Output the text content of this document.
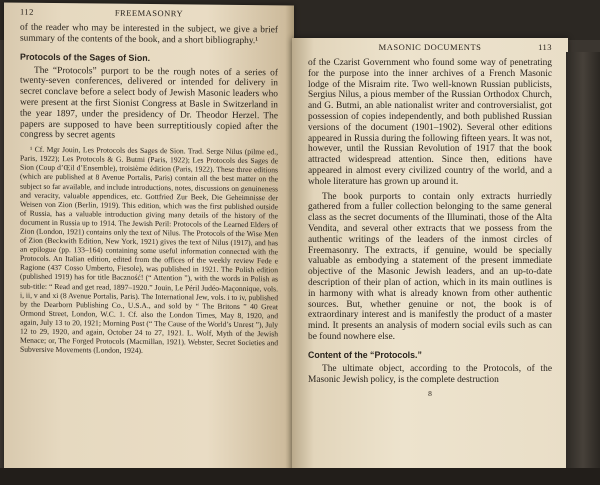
112	FREEMASONRY

of the reader who may be interested in the subject, we give a brief summary of the contents of the book, and a short bibliography.¹

Protocols of the Sages of Sion.

The “Protocols” purport to be the rough notes of a series of twenty-seven conferences, delivered or intended for delivery in secret conclave before a select body of Jewish Masonic leaders who were present at the first Sionist Congress at Basle in Switzerland in the year 1897, under the presidency of Dr. Theodor Herzel. The papers are supposed to have been surreptitiously copied after the congress by secret agents

¹ Cf. Mgr Jouin, Les Protocols des Sages de Sion. Trad. Serge Nilus (pilme ed., Paris, 1922); Les Protocols & G. Butmi (Paris, 1922); Les Protocols des Sages de Sion (Coup d’Œil d’Ensemble), troisième édition (Paris, 1922). These three editions (which are published at 8 Avenue Portalis, Paris) contain all the best matter on the subject so far available, and include introductions, notes, discussions on genuineness and veracity, valuable appendices, etc. Gottfried Zur Beek, Die Geheimnisse der Weisen von Zion (Berlin, 1919). This edition, which was the first published outside of Russia, has a valuable introduction giving many details of the history of the document in Russia up to 1914. The Jewish Peril: Protocols of the Learned Elders of Zion (London, 1921) contains only the text of Nilus. The Protocols of the Wise Men of Zion (Beckwith Edition, New York, 1921) gives the text of Nilus (1917), and has an epilogue (pp. 133–164) containing some useful information connected with the Protocols. An Italian edition, edited from the offices of the weekly review Fede e Ragione (437 Cosso Umberto, Fiesole), was published in 1921. The Polish edition (published 1919) has for title Baczność! (“ Attention ”), with the words in Polish as sub-title: “ Read and get read, 1897–1920.” Jouin, Le Péril Judéo-Maçonnique, vols. i, ii, v and xi (8 Avenue Portalis, Paris). The International Jew, vols. i to iv, published by the Dearborn Publishing Co., U.S.A., and sold by “ The Britons ” 40 Great Ormond Street, London, W.C. 1. Cf. also the London Times, May 8, 1920, and again, July 13 to 20, 1921; Morning Post (“ The Cause of the World’s Unrest ”), July 12 to 29, 1920, and again, October 24 to 27, 1921. L. Wolf, Myth of the Jewish Menace; or, The Forged Protocols (Macmillan, 1921). Webster, Secret Societies and Subversive Movements (London, 1924).

MASONIC DOCUMENTS	113

of the Czarist Government who found some way of penetrating for the purpose into the inner archives of a French Masonic lodge of the Misraim rite. Two well-known Russian publicists, Sergius Nilus, a pious member of the Russian Orthodox Church, and G. Butmi, an able nationalist writer and controversialist, got possession of copies independently, and both published Russian versions of the document (1901–1902). Several other editions appeared in Russia during the following fifteen years. It was not, however, until the Russian Revolution of 1917 that the book attracted widespread attention. Since then, editions have appeared in almost every civilized country of the world, and a whole literature has grown up around it.

The book purports to contain only extracts hurriedly gathered from a fuller collection belonging to the same general class as the secret documents of the Illuminati, those of the Alta Vendita, and several other extracts that we possess from the authentic writings of the leaders of the inmost circles of Freemasonry. The extracts, if genuine, would be specially valuable as embodying a statement of the present immediate objective of the Masonic Jewish leaders, and an up-to-date description of their plan of action, which in its main outlines is in harmony with what is already known from other authentic sources. But, whether genuine or not, the book is of extraordinary interest and is manifestly the product of a master mind. It presents an analysis of modern social evils such as can be found nowhere else.

Content of the “Protocols.”

The ultimate object, according to the Protocols, of the Masonic Jewish policy, is the complete destruction

8
